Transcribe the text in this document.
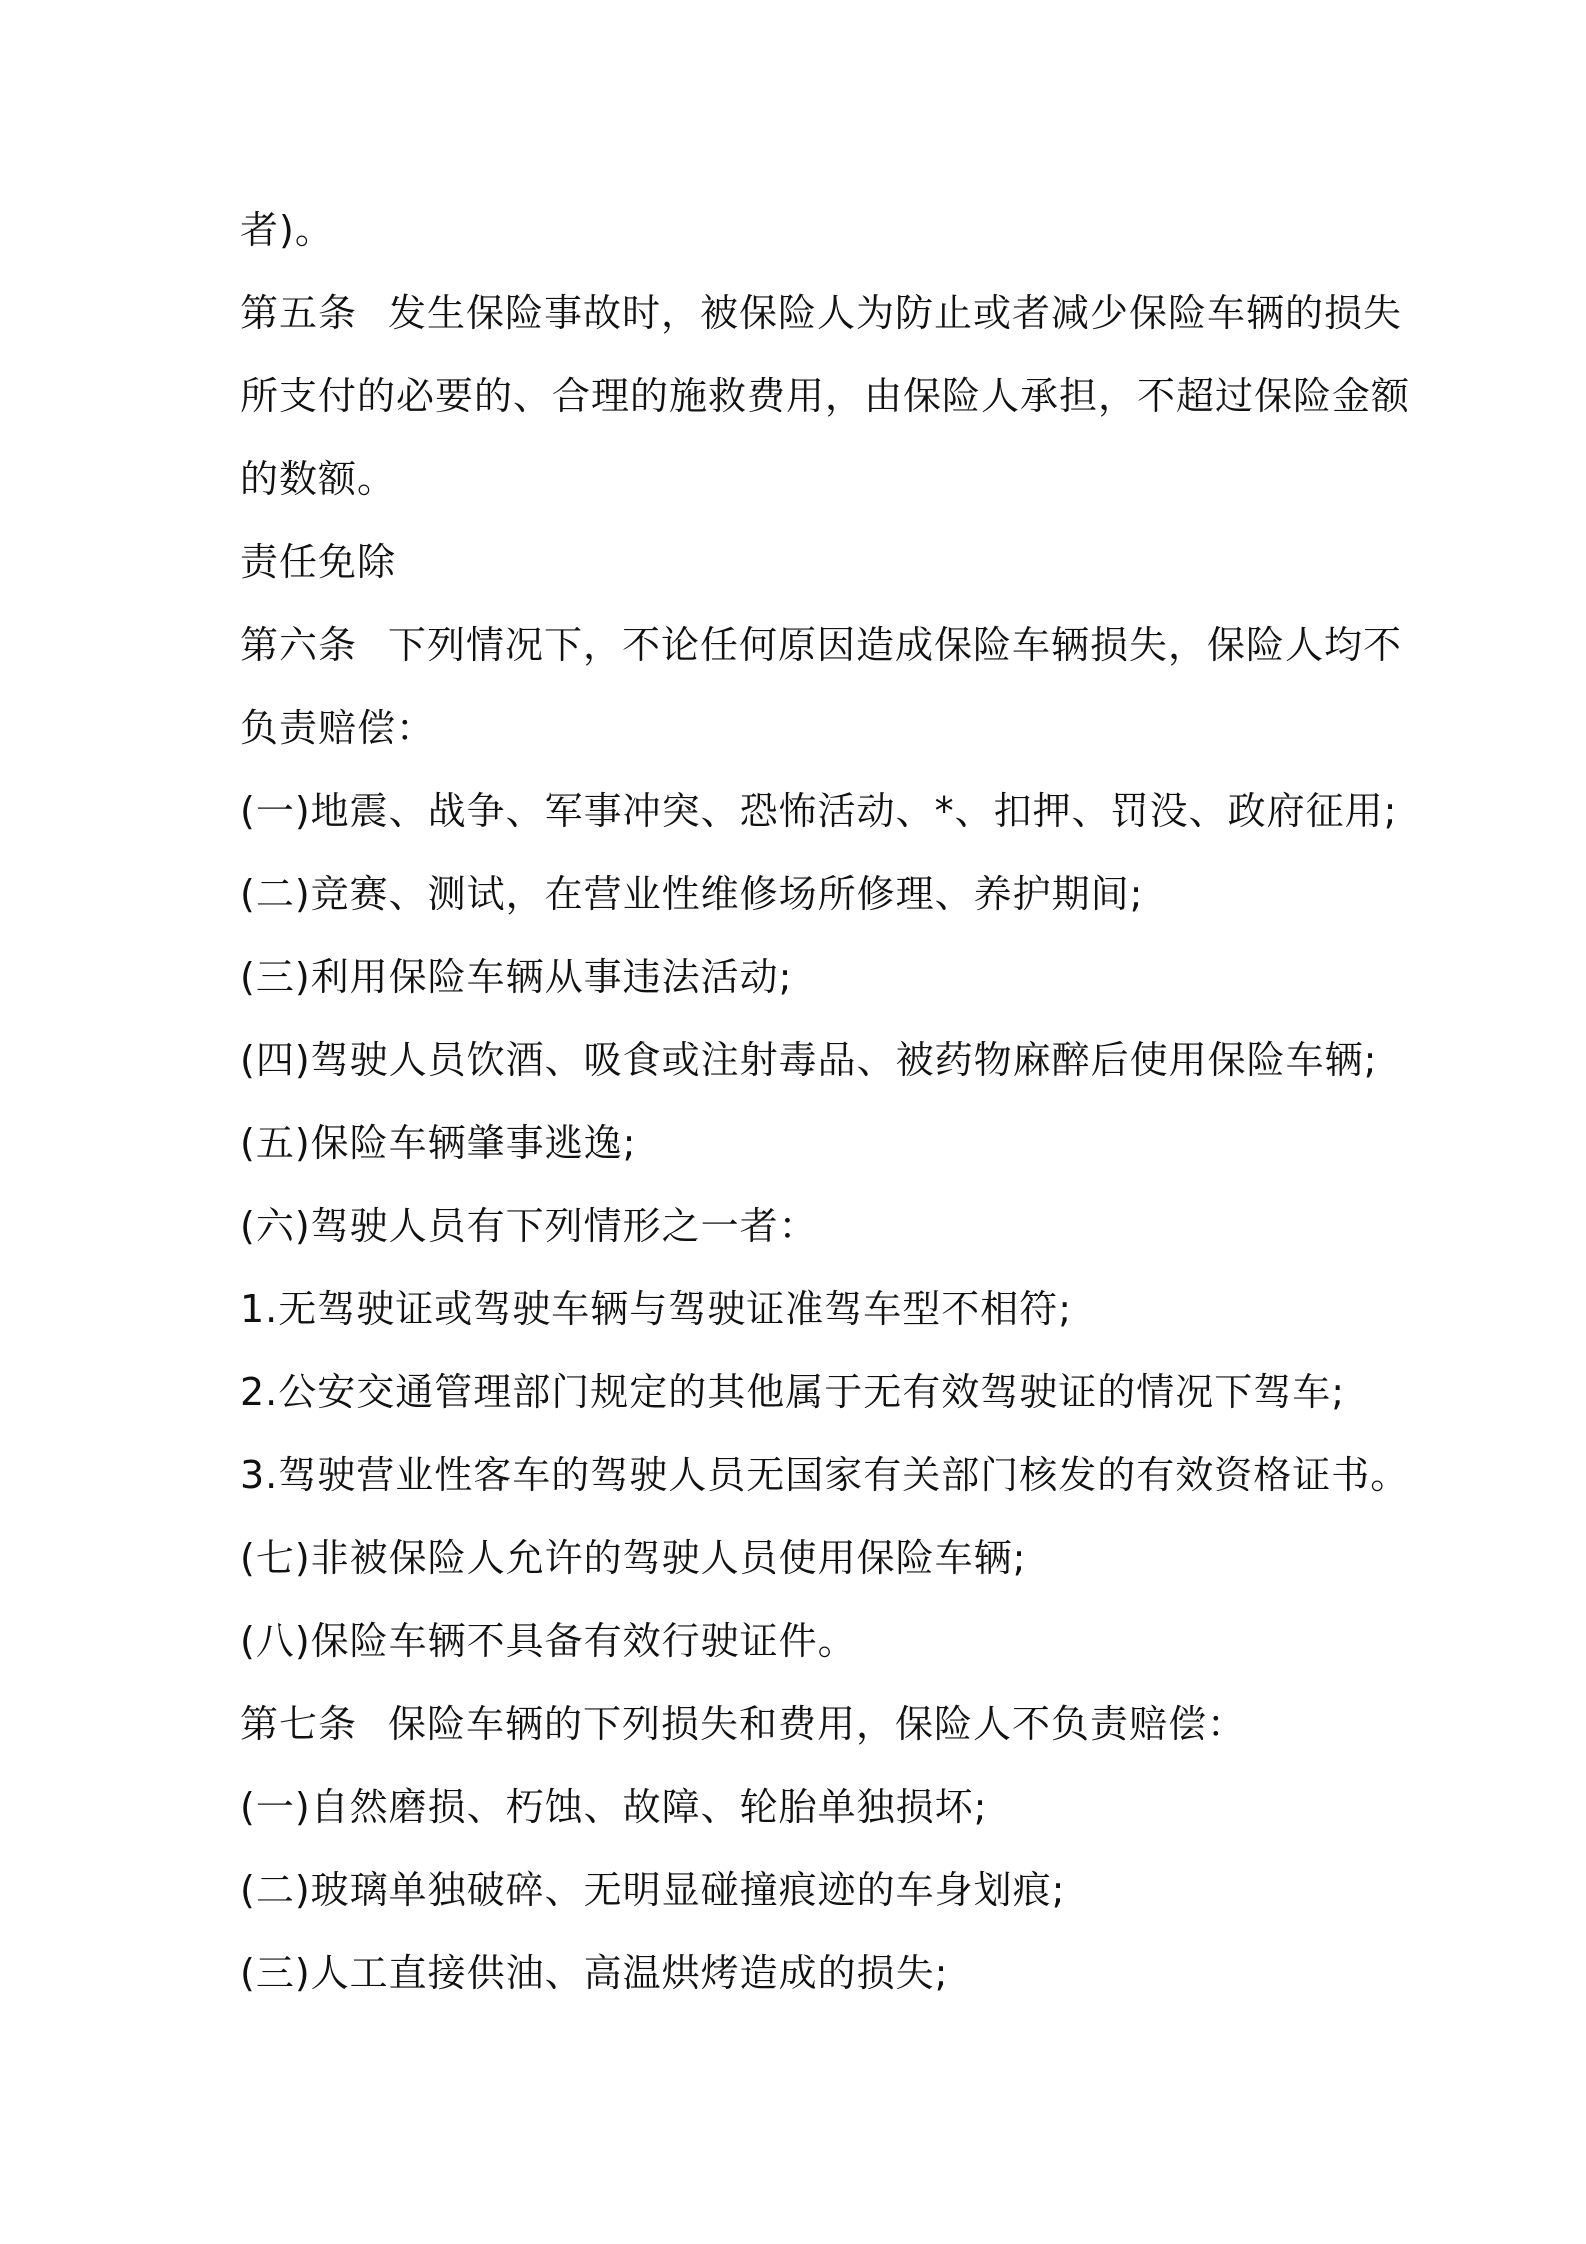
者)。
第五条 发生保险事故时，被保险人为防止或者减少保险车辆的损失
所支付的必要的、合理的施救费用，由保险人承担，不超过保险金额
的数额。
责任免除
第六条 下列情况下，不论任何原因造成保险车辆损失，保险人均不
负责赔偿：
(一)地震、战争、军事冲突、恐怖活动、*、扣押、罚没、政府征用;
(二)竞赛、测试，在营业性维修场所修理、养护期间;
(三)利用保险车辆从事违法活动;
(四)驾驶人员饮酒、吸食或注射毒品、被药物麻醉后使用保险车辆;
(五)保险车辆肇事逃逸;
(六)驾驶人员有下列情形之一者：
1.无驾驶证或驾驶车辆与驾驶证准驾车型不相符;
2.公安交通管理部门规定的其他属于无有效驾驶证的情况下驾车;
3.驾驶营业性客车的驾驶人员无国家有关部门核发的有效资格证书。
(七)非被保险人允许的驾驶人员使用保险车辆;
(八)保险车辆不具备有效行驶证件。
第七条 保险车辆的下列损失和费用，保险人不负责赔偿：
(一)自然磨损、朽蚀、故障、轮胎单独损坏;
(二)玻璃单独破碎、无明显碰撞痕迹的车身划痕;
(三)人工直接供油、高温烘烤造成的损失;
